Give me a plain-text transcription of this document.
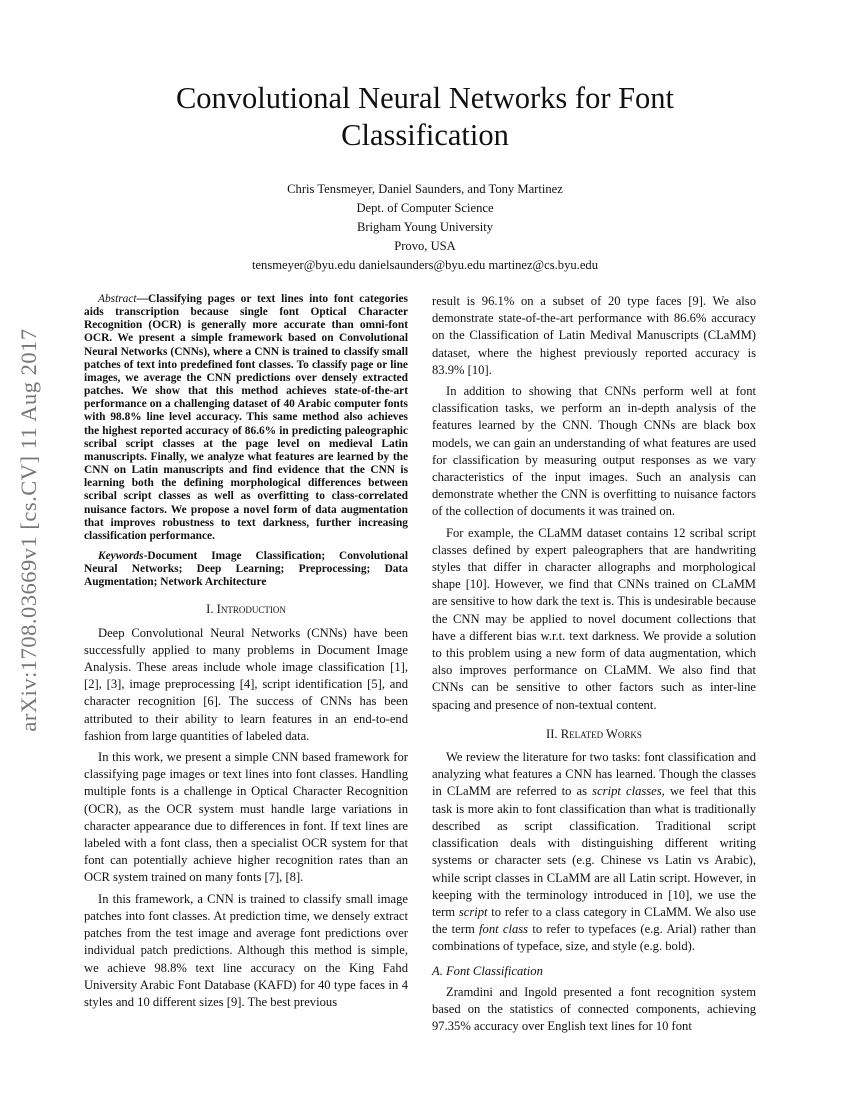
arXiv:1708.03669v1 [cs.CV] 11 Aug 2017
Convolutional Neural Networks for Font
Classification
Chris Tensmeyer, Daniel Saunders, and Tony Martinez
Dept. of Computer Science
Brigham Young University
Provo, USA
tensmeyer@byu.edu danielsaunders@byu.edu martinez@cs.byu.edu

Abstract—Classifying pages or text lines into font categories aids transcription because single font Optical Character Recognition (OCR) is generally more accurate than omni-font OCR. We present a simple framework based on Convolutional Neural Networks (CNNs), where a CNN is trained to classify small patches of text into predefined font classes. To classify page or line images, we average the CNN predictions over densely extracted patches. We show that this method achieves state-of-the-art performance on a challenging dataset of 40 Arabic computer fonts with 98.8% line level accuracy. This same method also achieves the highest reported accuracy of 86.6% in predicting paleographic scribal script classes at the page level on medieval Latin manuscripts. Finally, we analyze what features are learned by the CNN on Latin manuscripts and find evidence that the CNN is learning both the defining morphological differences between scribal script classes as well as overfitting to class-correlated nuisance factors. We propose a novel form of data augmentation that improves robustness to text darkness, further increasing classification performance.

Keywords-Document Image Classification; Convolutional Neural Networks; Deep Learning; Preprocessing; Data Augmentation; Network Architecture

I. Introduction

Deep Convolutional Neural Networks (CNNs) have been successfully applied to many problems in Document Image Analysis. These areas include whole image classification [1], [2], [3], image preprocessing [4], script identification [5], and character recognition [6]. The success of CNNs has been attributed to their ability to learn features in an end-to-end fashion from large quantities of labeled data.

In this work, we present a simple CNN based framework for classifying page images or text lines into font classes. Handling multiple fonts is a challenge in Optical Character Recognition (OCR), as the OCR system must handle large variations in character appearance due to differences in font. If text lines are labeled with a font class, then a specialist OCR system for that font can potentially achieve higher recognition rates than an OCR system trained on many fonts [7], [8].

In this framework, a CNN is trained to classify small image patches into font classes. At prediction time, we densely extract patches from the test image and average font predictions over individual patch predictions. Although this method is simple, we achieve 98.8% text line accuracy on the King Fahd University Arabic Font Database (KAFD) for 40 type faces in 4 styles and 10 different sizes [9]. The best previous

result is 96.1% on a subset of 20 type faces [9]. We also demonstrate state-of-the-art performance with 86.6% accuracy on the Classification of Latin Medival Manuscripts (CLaMM) dataset, where the highest previously reported accuracy is 83.9% [10].

In addition to showing that CNNs perform well at font classification tasks, we perform an in-depth analysis of the features learned by the CNN. Though CNNs are black box models, we can gain an understanding of what features are used for classification by measuring output responses as we vary characteristics of the input images. Such an analysis can demonstrate whether the CNN is overfitting to nuisance factors of the collection of documents it was trained on.

For example, the CLaMM dataset contains 12 scribal script classes defined by expert paleographers that are handwriting styles that differ in character allographs and morphological shape [10]. However, we find that CNNs trained on CLaMM are sensitive to how dark the text is. This is undesirable because the CNN may be applied to novel document collections that have a different bias w.r.t. text darkness. We provide a solution to this problem using a new form of data augmentation, which also improves performance on CLaMM. We also find that CNNs can be sensitive to other factors such as inter-line spacing and presence of non-textual content.

II. Related Works

We review the literature for two tasks: font classification and analyzing what features a CNN has learned. Though the classes in CLaMM are referred to as script classes, we feel that this task is more akin to font classification than what is traditionally described as script classification. Traditional script classification deals with distinguishing different writing systems or character sets (e.g. Chinese vs Latin vs Arabic), while script classes in CLaMM are all Latin script. However, in keeping with the terminology introduced in [10], we use the term script to refer to a class category in CLaMM. We also use the term font class to refer to typefaces (e.g. Arial) rather than combinations of typeface, size, and style (e.g. bold).

A. Font Classification

Zramdini and Ingold presented a font recognition system based on the statistics of connected components, achieving 97.35% accuracy over English text lines for 10 font
